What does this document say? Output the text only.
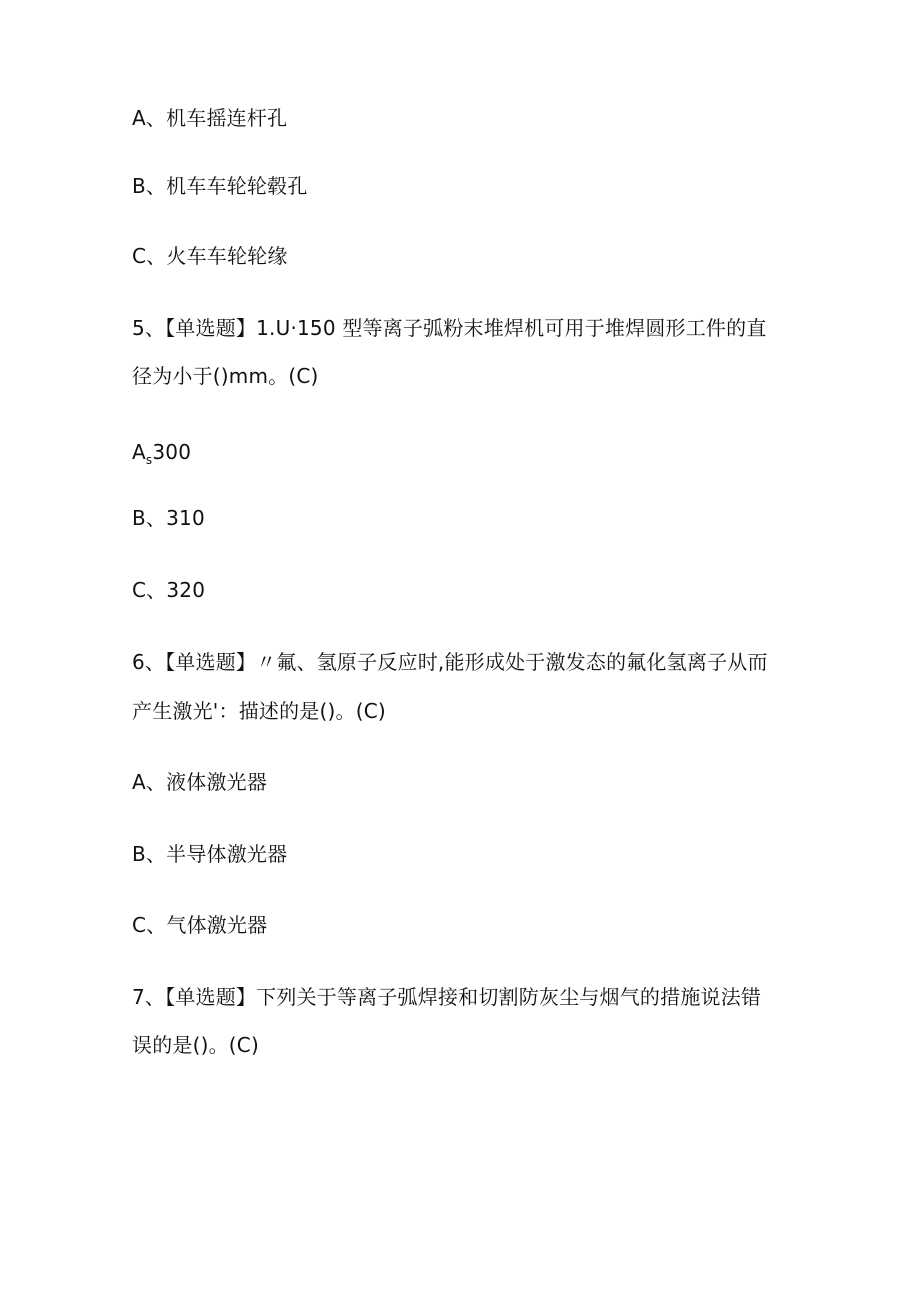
A、机车摇连杆孔
B、机车车轮轮毂孔
C、火车车轮轮缘
5、【单选题】1.U·150 型等离子弧粉末堆焊机可用于堆焊圆形工件的直
径为小于()mm。(C)
$A_s300$
B、310
C、320
6、【单选题】〃氟、氢原子反应时,能形成处于激发态的氟化氢离子从而
产生激光'：描述的是()。(C)
A、液体激光器
B、半导体激光器
C、气体激光器
7、【单选题】下列关于等离子弧焊接和切割防灰尘与烟气的措施说法错
误的是()。(C)
